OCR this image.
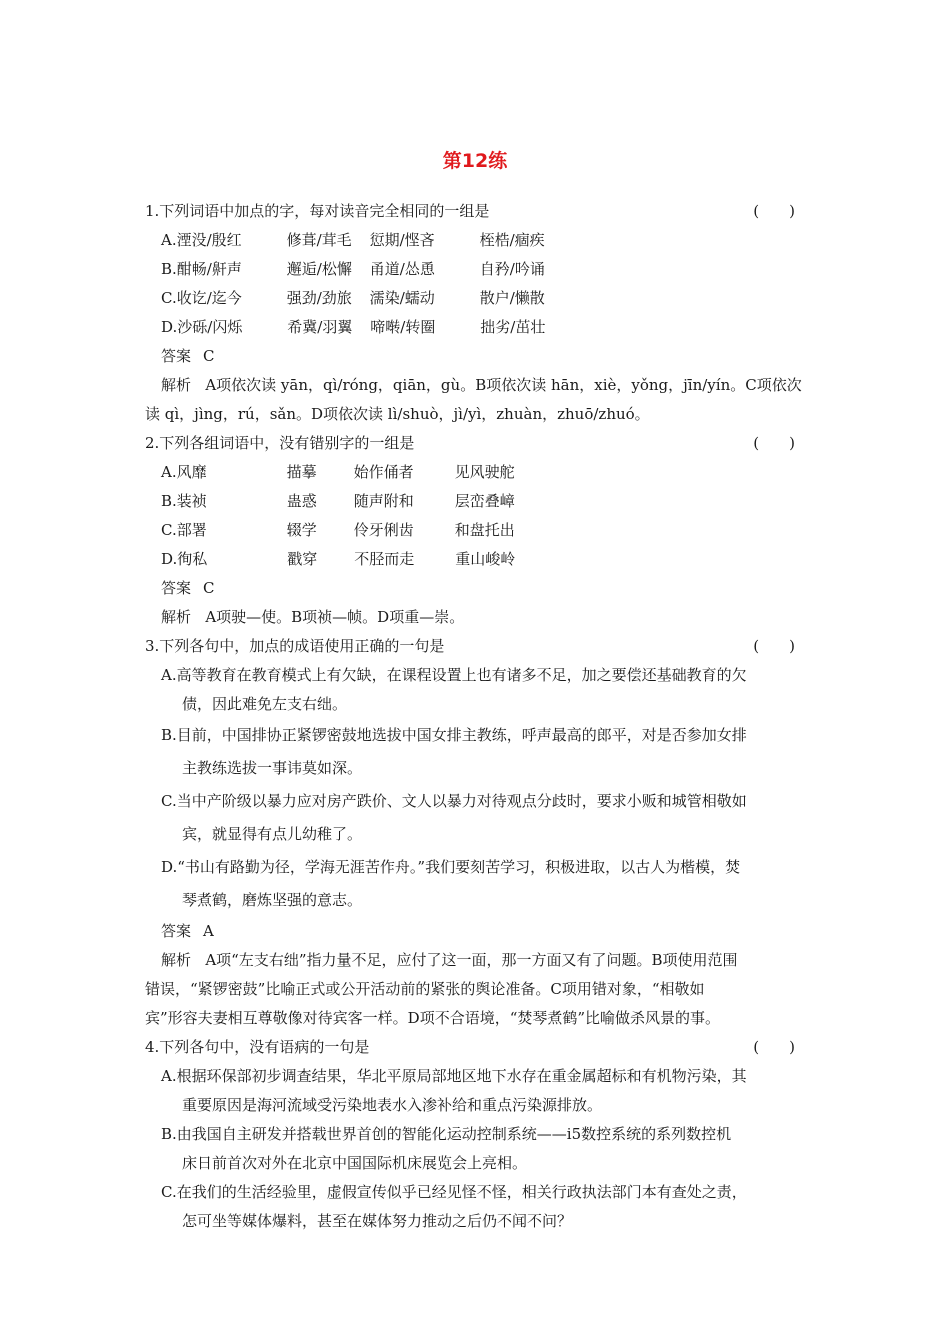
第12练
1.下列词语中加点的字，每对读音完全相同的一组是	(　　)
A.湮没/殷红	修葺/茸毛 愆期/悭吝	桎梏/痼疾
B.酣畅/鼾声	邂逅/松懈 甬道/怂恿	自矜/吟诵
C.收讫/迄今	强劲/劲旅 濡染/蠕动	散户/懒散
D.沙砾/闪烁	希冀/羽翼 啼啭/转圈	拙劣/茁壮
答案 C
解析 A项依次读 yān，qì/róng，qiān，gù。B项依次读 hān，xiè，yǒng，jīn/yín。C项依次
读 qì，jìng，rú，sǎn。D项依次读 lì/shuò，jì/yì，zhuàn，zhuō/zhuó。
2.下列各组词语中，没有错别字的一组是	(　　)
A.风靡	描摹 始作俑者	见风驶舵
B.装祯	蛊惑 随声附和	层峦叠嶂
C.部署	辍学 伶牙俐齿	和盘托出
D.徇私	戳穿 不胫而走	重山峻岭
答案 C
解析 A项驶—使。B项祯—帧。D项重—崇。
3.下列各句中，加点的成语使用正确的一句是	(　　)
A.高等教育在教育模式上有欠缺，在课程设置上也有诸多不足，加之要偿还基础教育的欠
债，因此难免左支右绌。
B.目前，中国排协正紧锣密鼓地选拔中国女排主教练，呼声最高的郎平，对是否参加女排
主教练选拔一事讳莫如深。
C.当中产阶级以暴力应对房产跌价、文人以暴力对待观点分歧时，要求小贩和城管相敬如
宾，就显得有点儿幼稚了。
D.“书山有路勤为径，学海无涯苦作舟。”我们要刻苦学习，积极进取，以古人为楷模，焚
琴煮鹤，磨炼坚强的意志。
答案 A
解析 A项“左支右绌”指力量不足，应付了这一面，那一方面又有了问题。B项使用范围
错误，“紧锣密鼓”比喻正式或公开活动前的紧张的舆论准备。C项用错对象，“相敬如
宾”形容夫妻相互尊敬像对待宾客一样。D项不合语境，“焚琴煮鹤”比喻做杀风景的事。
4.下列各句中，没有语病的一句是	(　　)
A.根据环保部初步调查结果，华北平原局部地区地下水存在重金属超标和有机物污染，其
重要原因是海河流域受污染地表水入渗补给和重点污染源排放。
B.由我国自主研发并搭载世界首创的智能化运动控制系统——i5数控系统的系列数控机
床日前首次对外在北京中国国际机床展览会上亮相。
C.在我们的生活经验里，虚假宣传似乎已经见怪不怪，相关行政执法部门本有查处之责，
怎可坐等媒体爆料，甚至在媒体努力推动之后仍不闻不问？
